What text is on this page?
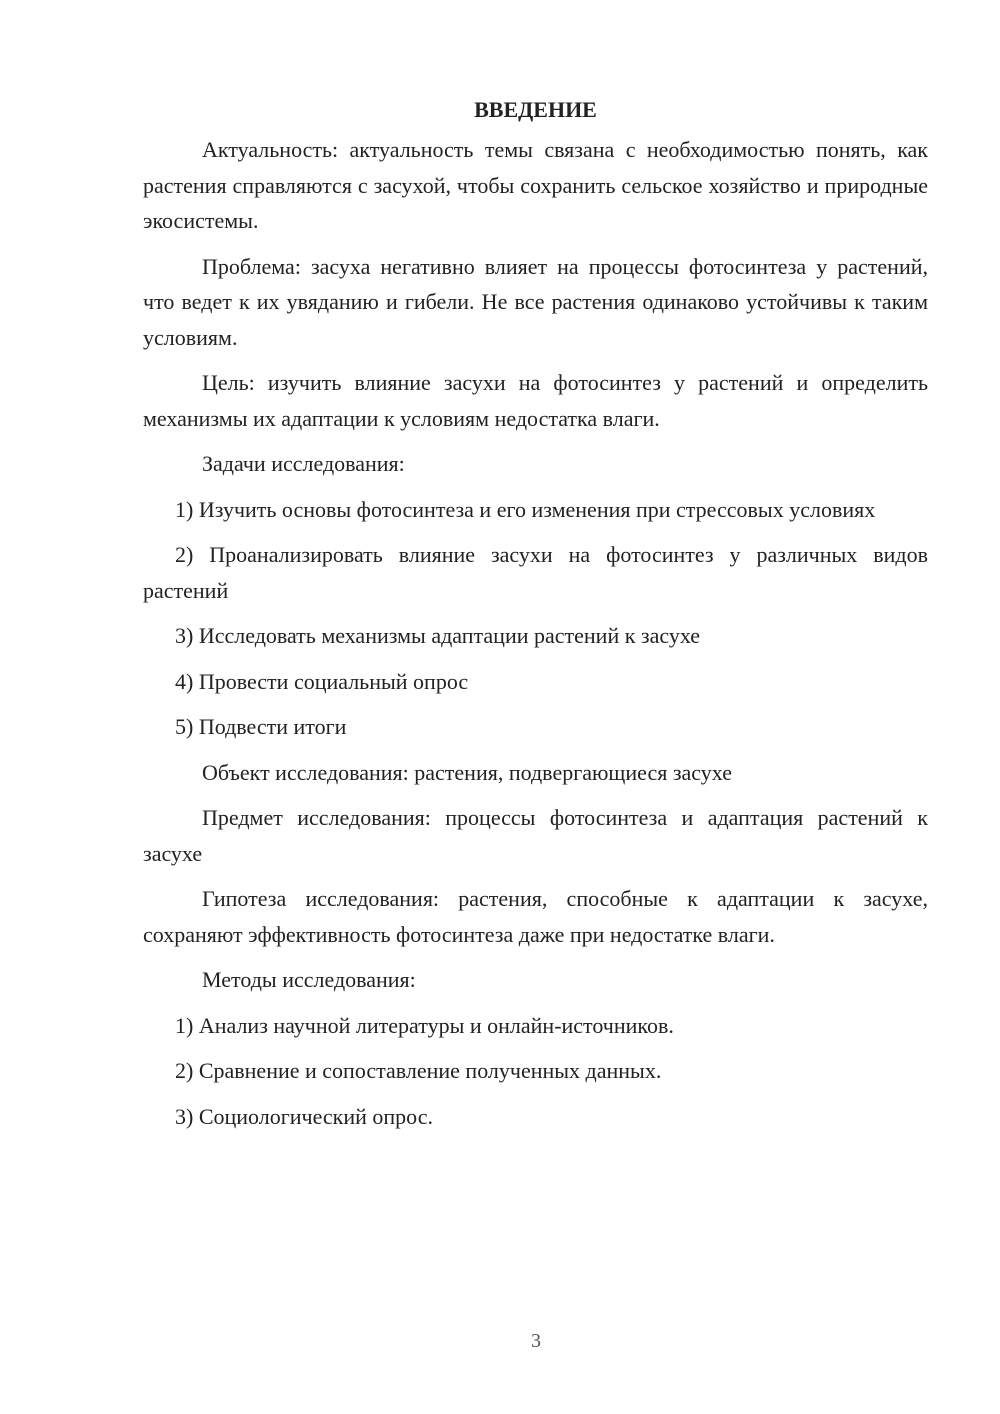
ВВЕДЕНИЕ

Актуальность: актуальность темы связана с необходимостью понять, как растения справляются с засухой, чтобы сохранить сельское хозяйство и природные экосистемы.

Проблема: засуха негативно влияет на процессы фотосинтеза у растений, что ведет к их увяданию и гибели. Не все растения одинаково устойчивы к таким условиям.

Цель: изучить влияние засухи на фотосинтез у растений и определить механизмы их адаптации к условиям недостатка влаги.

Задачи исследования:

1) Изучить основы фотосинтеза и его изменения при стрессовых условиях

2) Проанализировать влияние засухи на фотосинтез у различных видов растений

3) Исследовать механизмы адаптации растений к засухе

4) Провести социальный опрос

5) Подвести итоги

Объект исследования: растения, подвергающиеся засухе

Предмет исследования: процессы фотосинтеза и адаптация растений к засухе

Гипотеза исследования: растения, способные к адаптации к засухе, сохраняют эффективность фотосинтеза даже при недостатке влаги.

Методы исследования:

1) Анализ научной литературы и онлайн-источников.

2) Сравнение и сопоставление полученных данных.

3) Социологический опрос.

3
